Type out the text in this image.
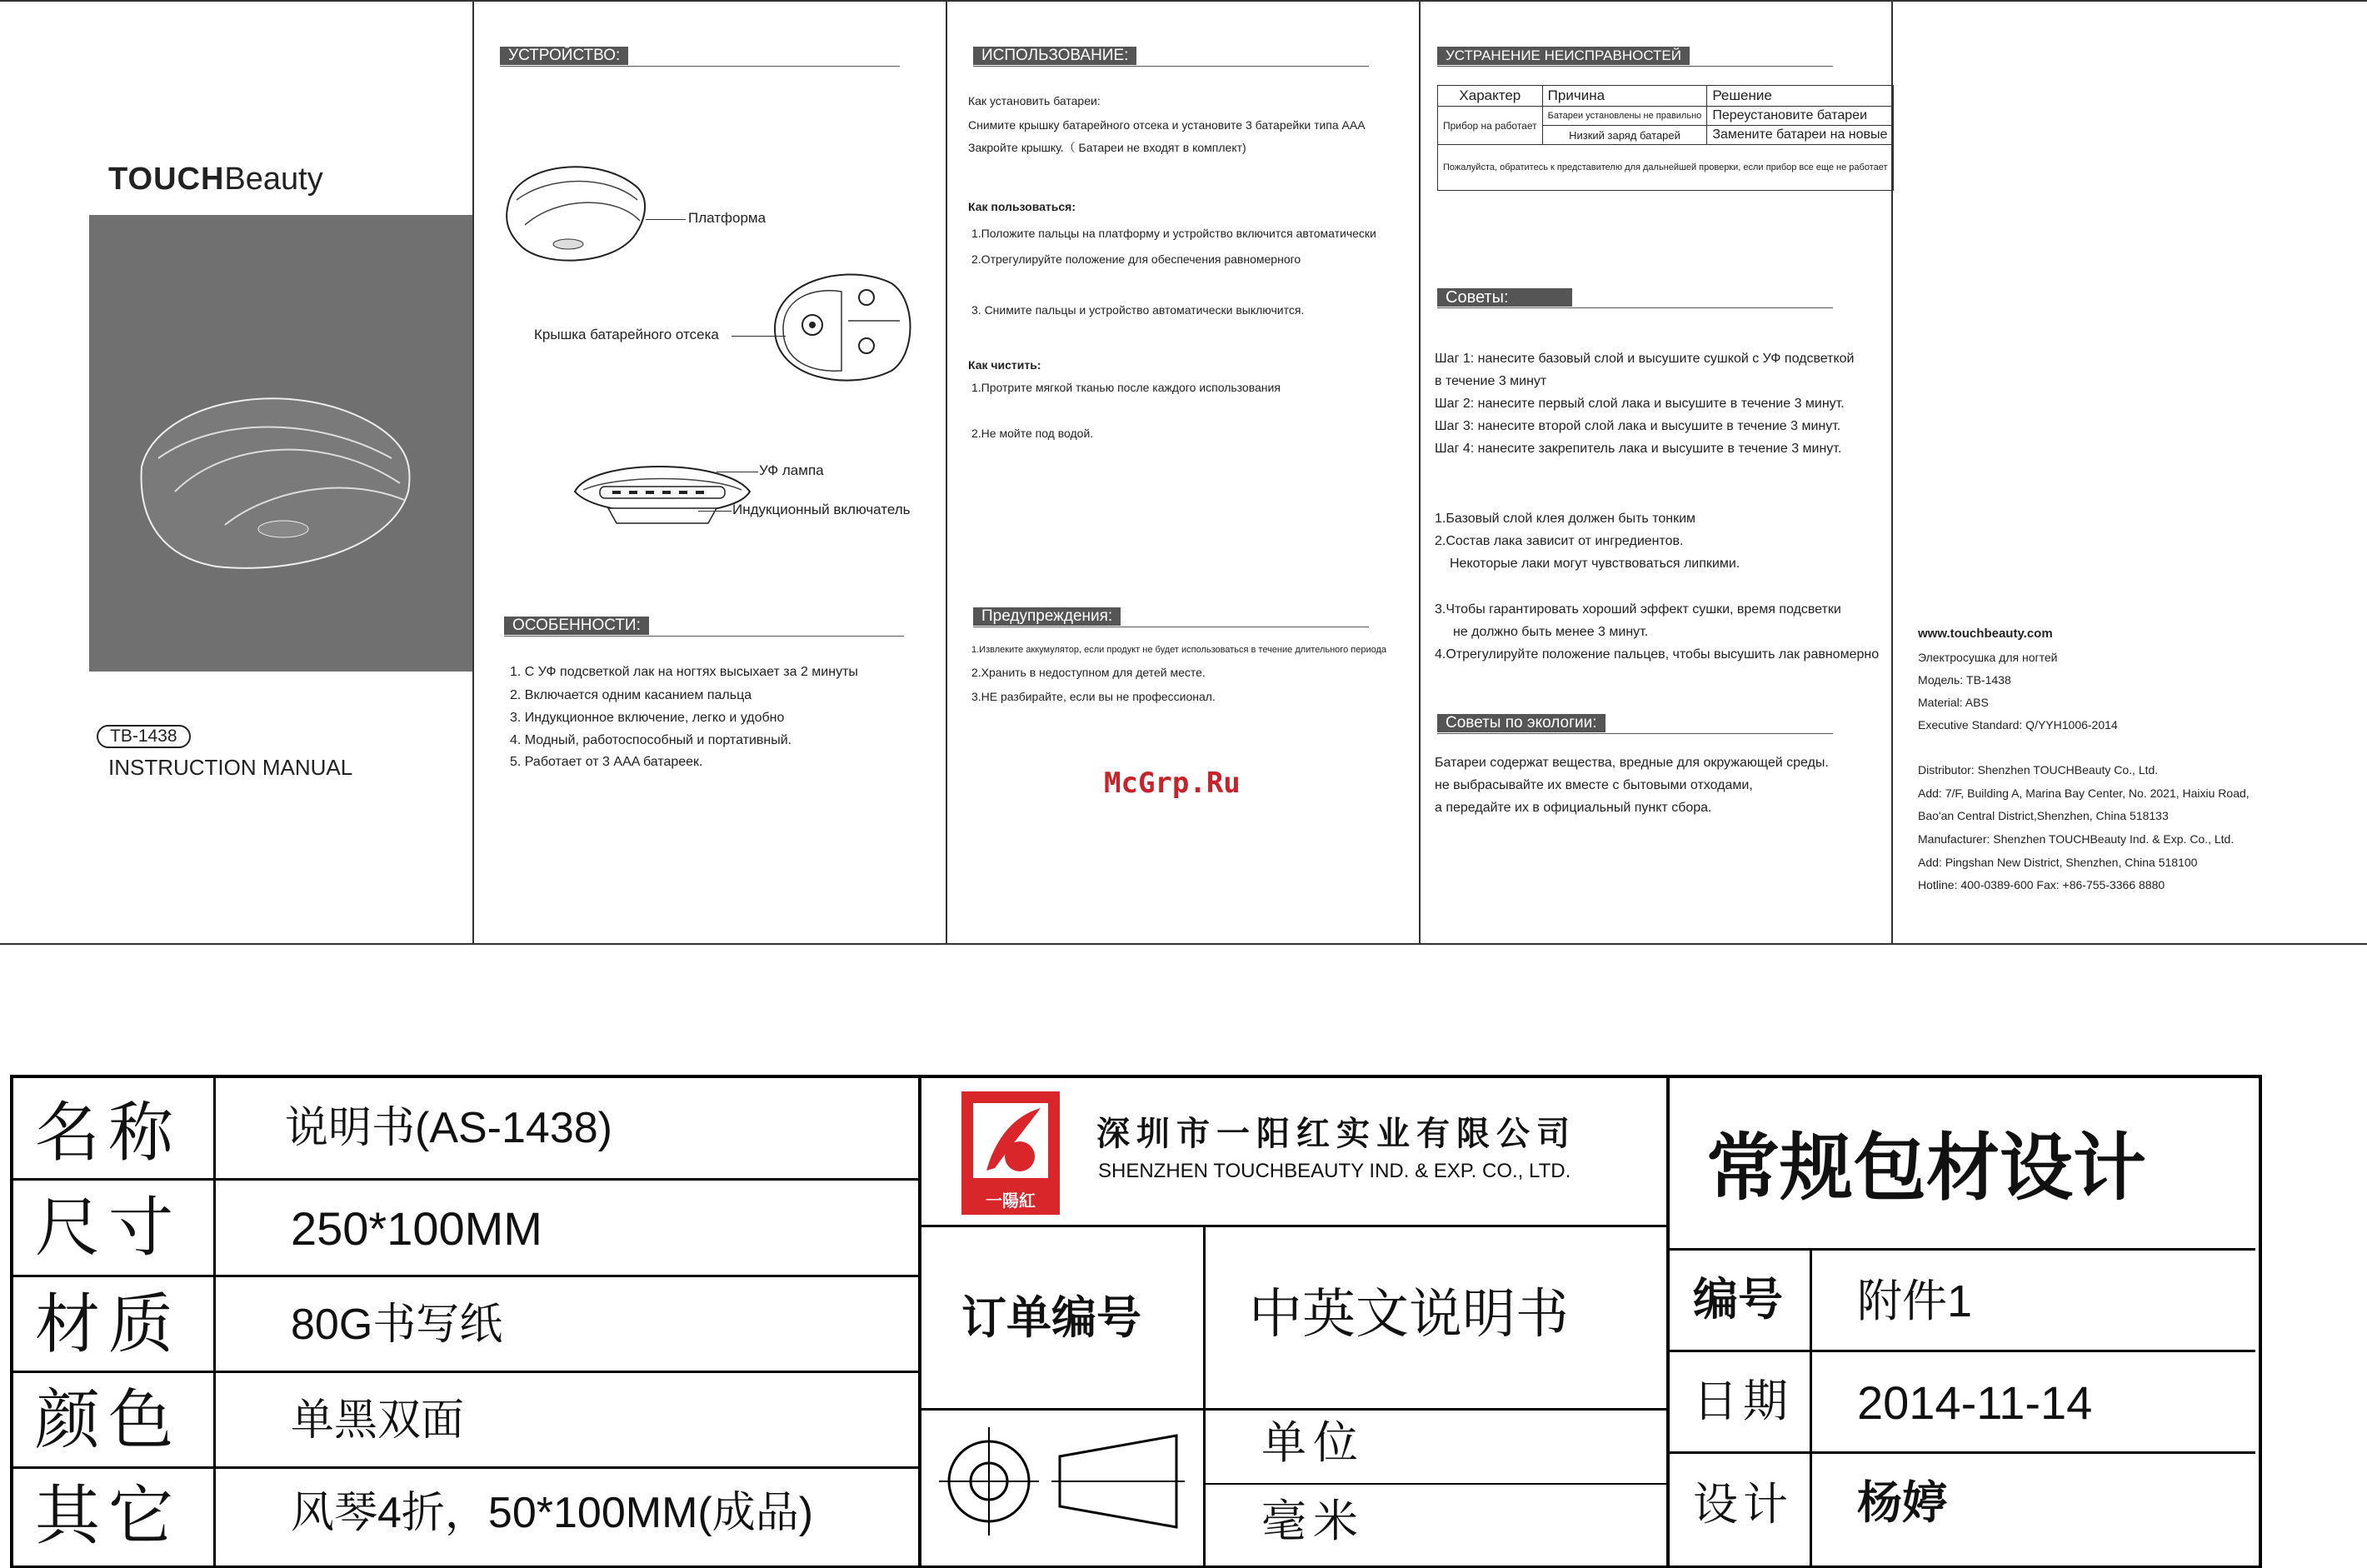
TOUCHBeauty
Электросушка для ногтей
TB-1438
INSTRUCTION MANUAL
УСТРОЙСТВО:
Платформа
Крышка батарейного отсека
УФ лампа
Индукционный включатель
ОСОБЕННОСТИ:
1. С УФ подсветкой лак на ногтях высыхает за 2 минуты
2. Включается одним касанием пальца
3. Индукционное включение, легко и удобно
4. Модный, работоспособный и портативный.
5. Работает от 3 AAA батареек.
ИСПОЛЬЗОВАНИЕ:
Как установить батареи:
Снимите крышку батарейного отсека и установите 3 батарейки типа AAA
Закройте крышку.（ Батареи не входят в комплект)
Как пользоваться:
1.Положите пальцы на платформу и устройство включится автоматически
2.Отрегулируйте положение для обеспечения равномерного
3. Снимите пальцы и устройство автоматически выключится.
Как чистить:
1.Протрите мягкой тканью после каждого использования
2.Не мойте под водой.
Предупреждения:
1.Извлеките аккумулятор, если продукт не будет использоваться в течение длительного периода
2.Хранить в недоступном для детей месте.
3.НЕ разбирайте, если вы не профессионал.
УСТРАНЕНИЕ НЕИСПРАВНОСТЕЙ
Характер	Причина	Решение
Прибор на работает	Батареи установлены не правильно	Переустановите батареи
	Низкий заряд батарей	Замените батареи на новые
Пожалуйста, обратитесь к представителю для дальнейшей проверки, если прибор все еще не работает		
Советы:
Шаг 1: нанесите базовый слой и высушите сушкой с УФ подсветкой
в течение 3 минут
Шаг 2: нанесите первый слой лака и высушите в течение 3 минут.
Шаг 3: нанесите второй слой лака и высушите в течение 3 минут.
Шаг 4: нанесите закрепитель лака и высушите в течение 3 минут.
1.Базовый слой клея должен быть тонким
2.Состав лака зависит от ингредиентов.
Некоторые лаки могут чувствоваться липкими.
3.Чтобы гарантировать хороший эффект сушки, время подсветки
не должно быть менее 3 минут.
4.Отрегулируйте положение пальцев, чтобы высушить лак равномерно
Советы по экологии:
Батареи содержат вещества, вредные для окружающей среды.
не выбрасывайте их вместе с бытовыми отходами,
а передайте их в официальный пункт сбора.
www.touchbeauty.com
Электросушка для ногтей
Модель: TB-1438
Material: ABS
Executive Standard: Q/YYH1006-2014
Distributor: Shenzhen TOUCHBeauty Co., Ltd.
Add: 7/F, Building A, Marina Bay Center, No. 2021, Haixiu Road,
Bao'an Central District,Shenzhen, China 518133
Manufacturer: Shenzhen TOUCHBeauty Ind. & Exp. Co., Ltd.
Add: Pingshan New District, Shenzhen, China 518100
Hotline: 400-0389-600 Fax: +86-755-3366 8880
McGrp.Ru
名称 说明书(AS-1438)
尺寸 250*100MM
材质	80G书写纸
颜色	单黑双面
其它	风琴4折，50*100MM(成品)
一陽紅
深圳市一阳红实业有限公司
SHENZHEN TOUCHBEAUTY IND. & EXP. CO., LTD.
订单编号 中英文说明书
单位
毫米
常规包材设计
编号 附件1
日期 2014-11-14
设计 杨婷
